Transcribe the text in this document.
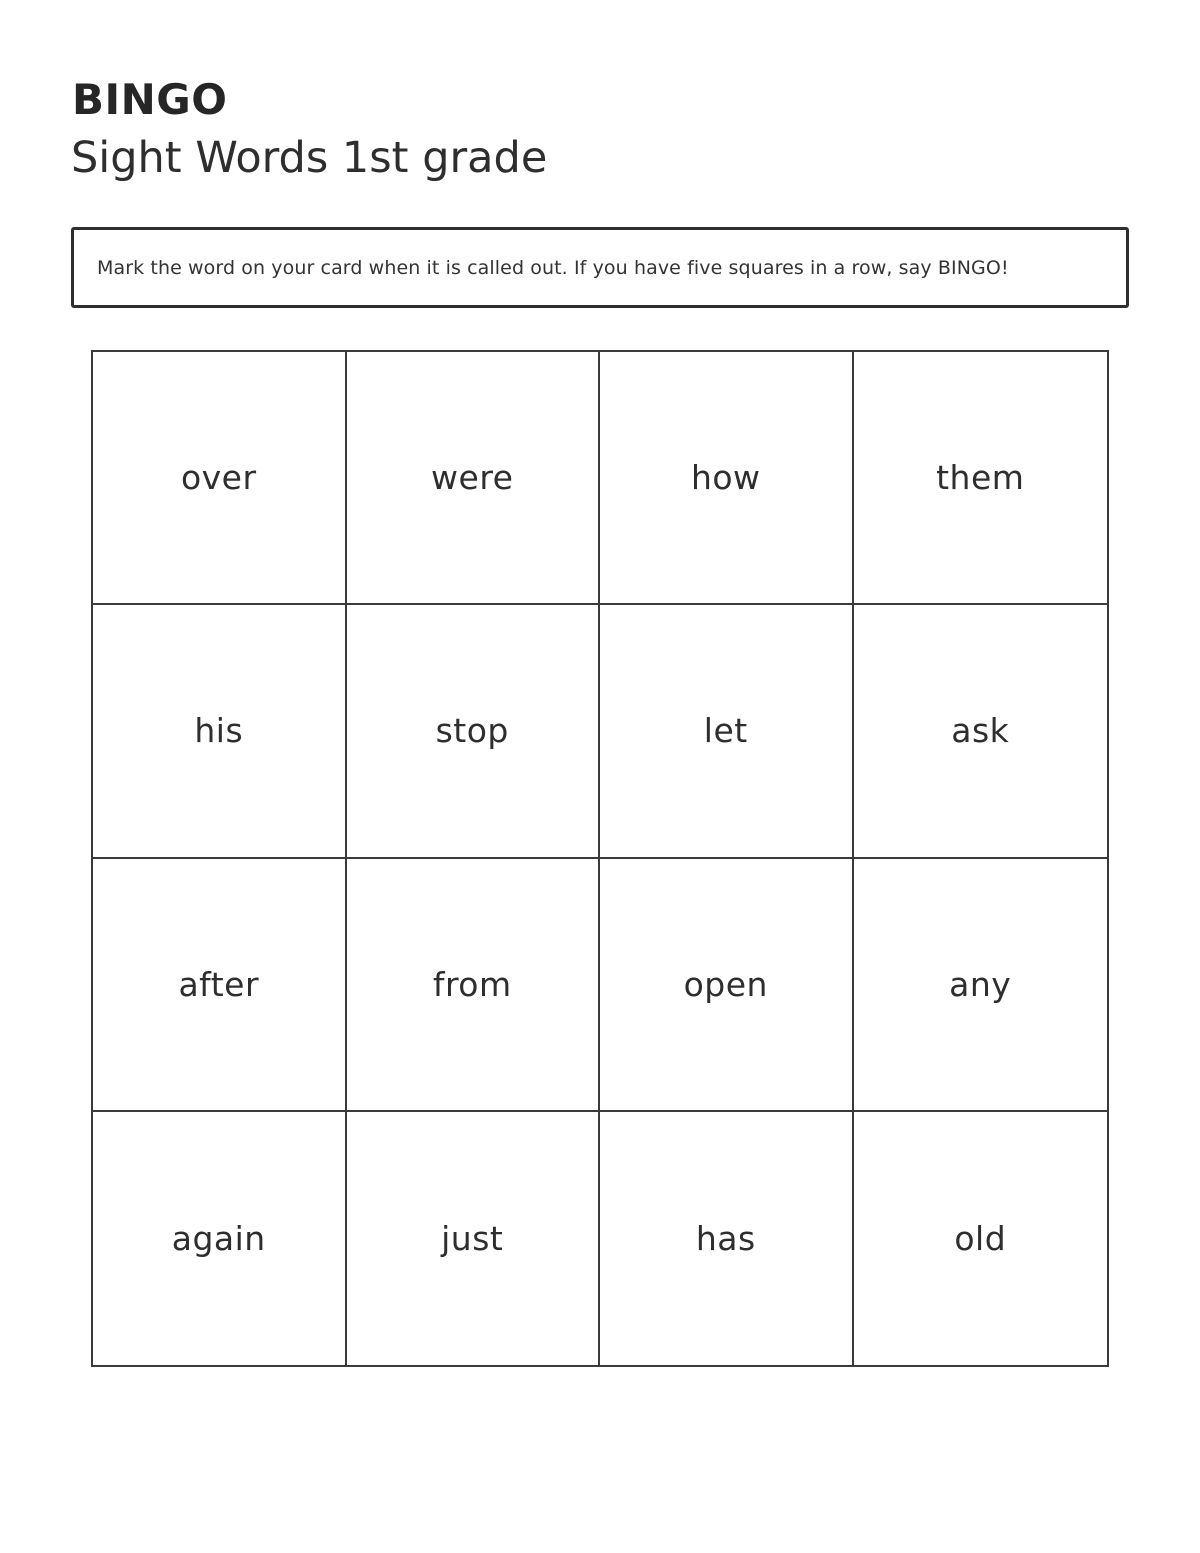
BINGO
Sight Words 1st grade
Mark the word on your card when it is called out. If you have five squares in a row, say BINGO!
over	were	how	them
his	stop	let	ask
after	from	open	any
again	just	has	old
